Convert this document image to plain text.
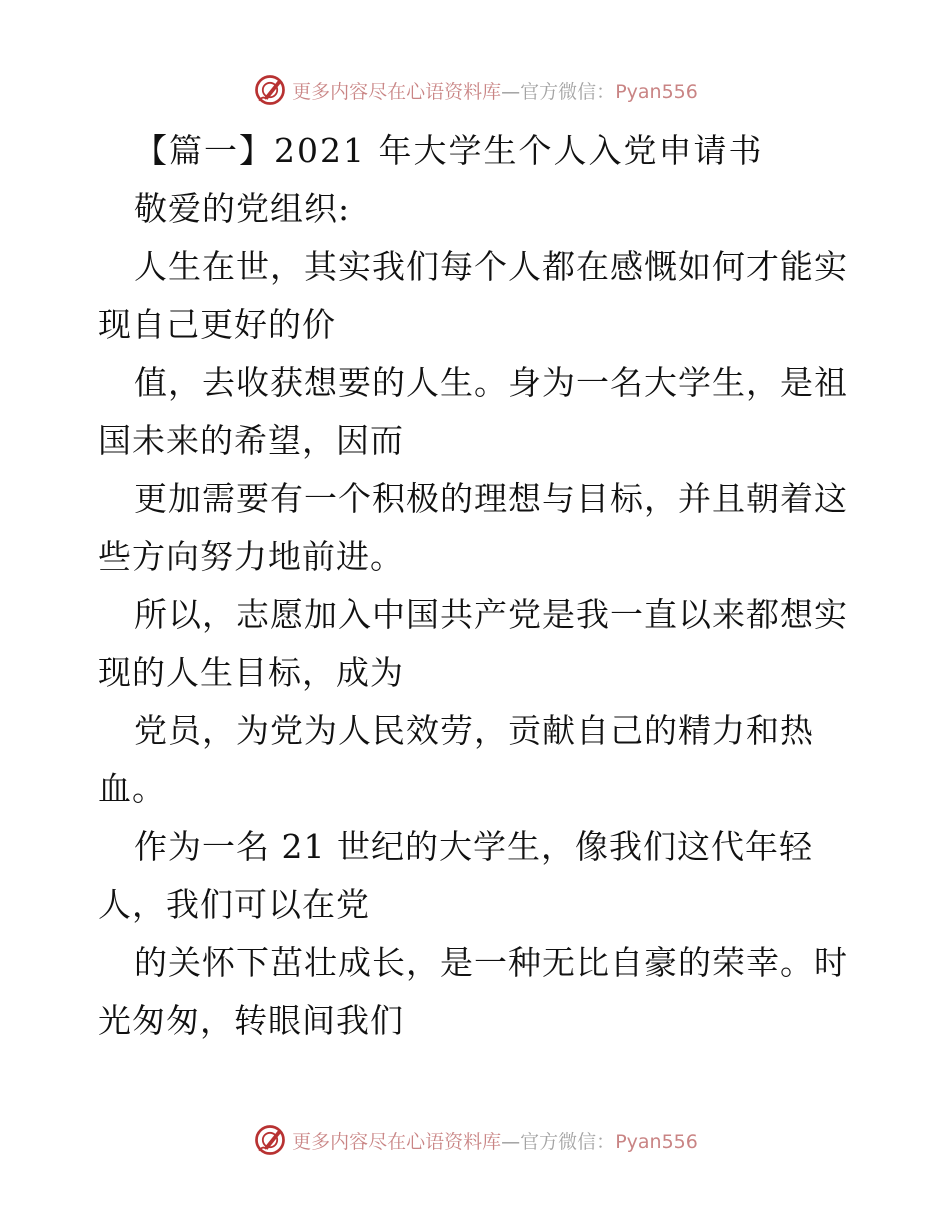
更多内容尽在心语资料库—官方微信：Pyan556
【篇一】2021 年大学生个人入党申请书
敬爱的党组织:
人生在世，其实我们每个人都在感慨如何才能实
现自己更好的价
值，去收获想要的人生。身为一名大学生，是祖
国未来的希望，因而
更加需要有一个积极的理想与目标，并且朝着这
些方向努力地前进。
所以，志愿加入中国共产党是我一直以来都想实
现的人生目标，成为
党员，为党为人民效劳，贡献自己的精力和热
血。
作为一名 21 世纪的大学生，像我们这代年轻
人，我们可以在党
的关怀下茁壮成长，是一种无比自豪的荣幸。时
光匆匆，转眼间我们
更多内容尽在心语资料库—官方微信：Pyan556
